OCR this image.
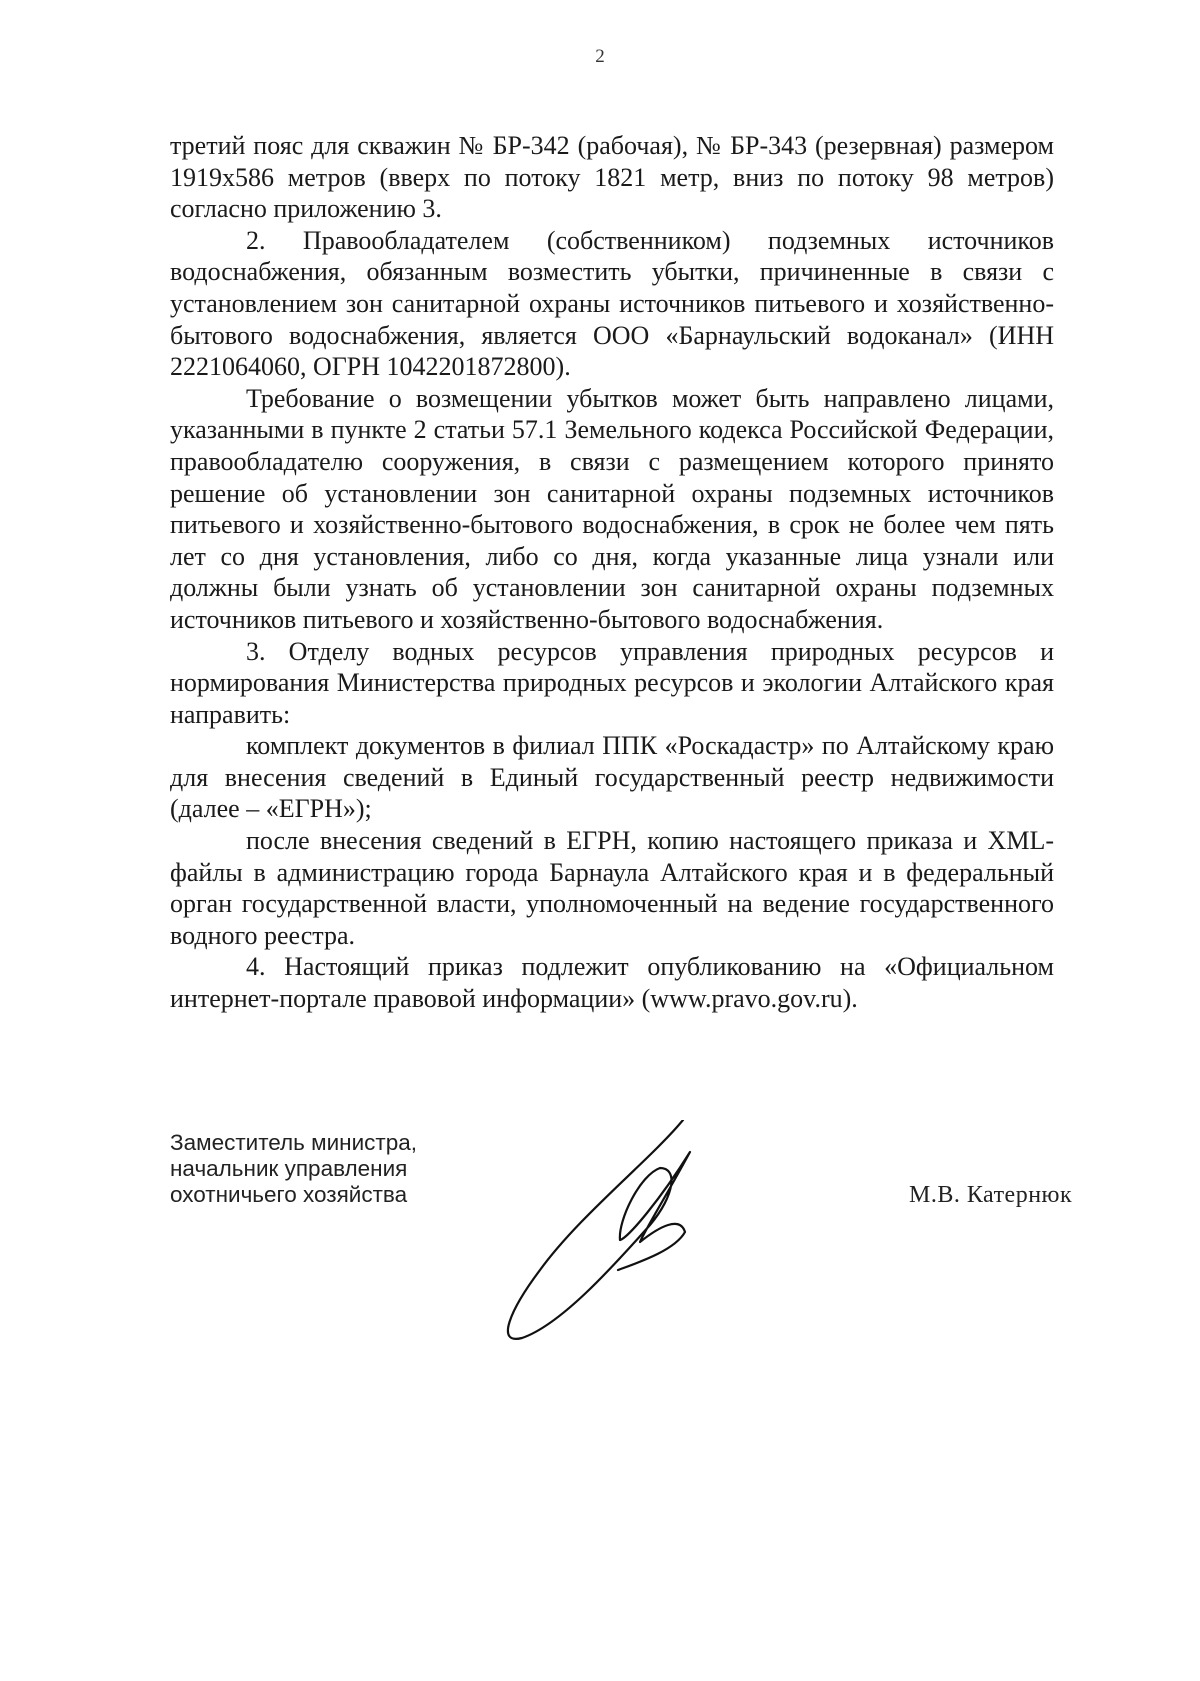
2

третий пояс для скважин № БР-342 (рабочая), № БР-343 (резервная) размером 1919х586 метров (вверх по потоку 1821 метр, вниз по потоку 98 метров) согласно приложению 3.

2. Правообладателем (собственником) подземных источников водоснабжения, обязанным возместить убытки, причиненные в связи с установлением зон санитарной охраны источников питьевого и хозяйственно-бытового водоснабжения, является ООО «Барнаульский водоканал» (ИНН 2221064060, ОГРН 1042201872800).

Требование о возмещении убытков может быть направлено лицами, указанными в пункте 2 статьи 57.1 Земельного кодекса Российской Федерации, правообладателю сооружения, в связи с размещением которого принято решение об установлении зон санитарной охраны подземных источников питьевого и хозяйственно-бытового водоснабжения, в срок не более чем пять лет со дня установления, либо со дня, когда указанные лица узнали или должны были узнать об установлении зон санитарной охраны подземных источников питьевого и хозяйственно-бытового водоснабжения.

3. Отделу водных ресурсов управления природных ресурсов и нормирования Министерства природных ресурсов и экологии Алтайского края направить:

комплект документов в филиал ППК «Роскадастр» по Алтайскому краю для внесения сведений в Единый государственный реестр недвижимости (далее – «ЕГРН»);

после внесения сведений в ЕГРН, копию настоящего приказа и XML-файлы в администрацию города Барнаула Алтайского края и в федеральный орган государственной власти, уполномоченный на ведение государственного водного реестра.

4. Настоящий приказ подлежит опубликованию на «Официальном интернет-портале правовой информации» (www.pravo.gov.ru).

Заместитель министра,
начальник управления
охотничьего хозяйства	М.В. Катернюк
